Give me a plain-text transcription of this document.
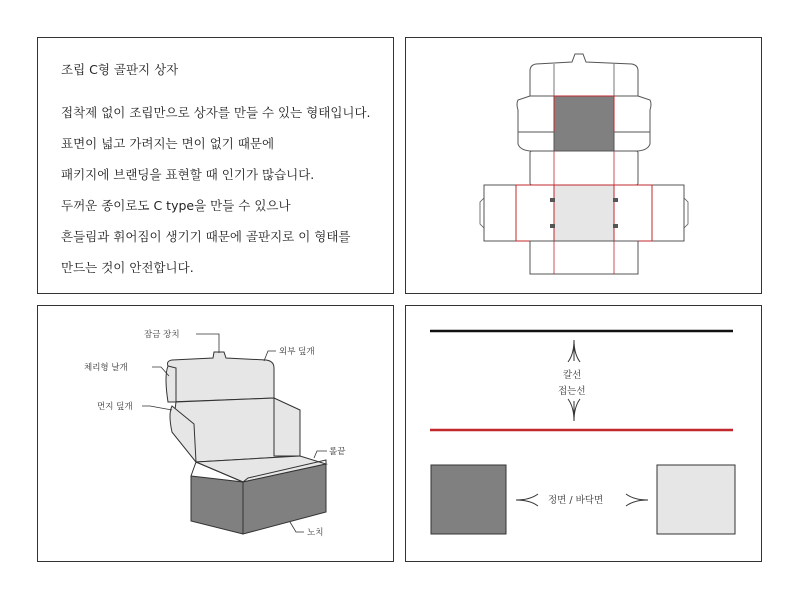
조립 C형 골판지 상자
접착제 없이 조립만으로 상자를 만들 수 있는 형태입니다.
표면이 넓고 가려지는 면이 없기 때문에
패키지에 브랜딩을 표현할 때 인기가 많습니다.
두꺼운 종이로도 C type을 만들 수 있으나
흔들림과 휘어짐이 생기기 때문에 골판지로 이 형태를
만드는 것이 안전합니다.
잠금 장치
외부 덮개
체리형 날개
먼지 덮개
롤끝
노치
칼선
접는선
정면 / 바닥면
